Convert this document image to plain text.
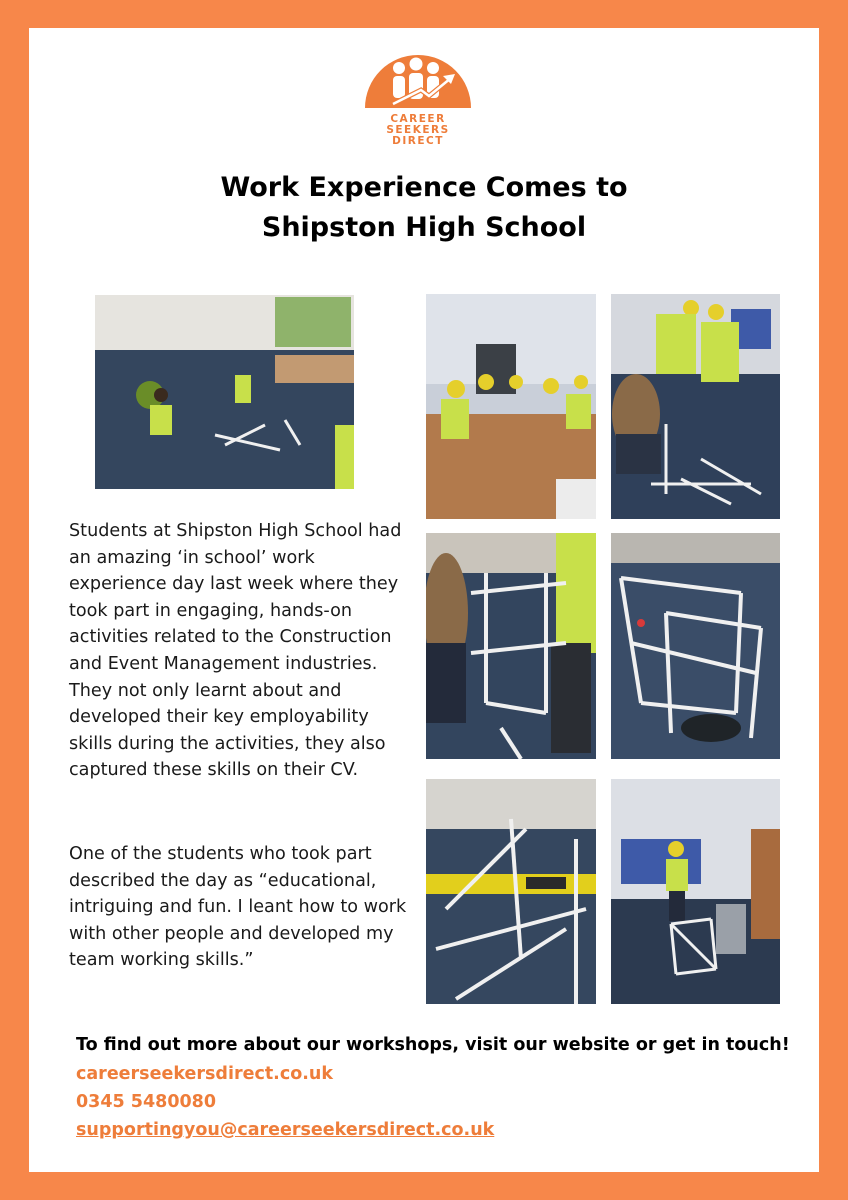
CAREER
SEEKERS
DIRECT
Work Experience Comes to
Shipston High School

Students at Shipston High School had an amazing ‘in school’ work experience day last week where they took part in engaging, hands-on activities related to the Construction and Event Management industries. They not only learnt about and developed their key employability skills during the activities, they also captured these skills on their CV.

One of the students who took part described the day as “educational, intriguing and fun. I leant how to work with other people and developed my team working skills.”

To find out more about our workshops, visit our website or get in touch!
careerseekersdirect.co.uk
0345 5480080
supportingyou@careerseekersdirect.co.uk
